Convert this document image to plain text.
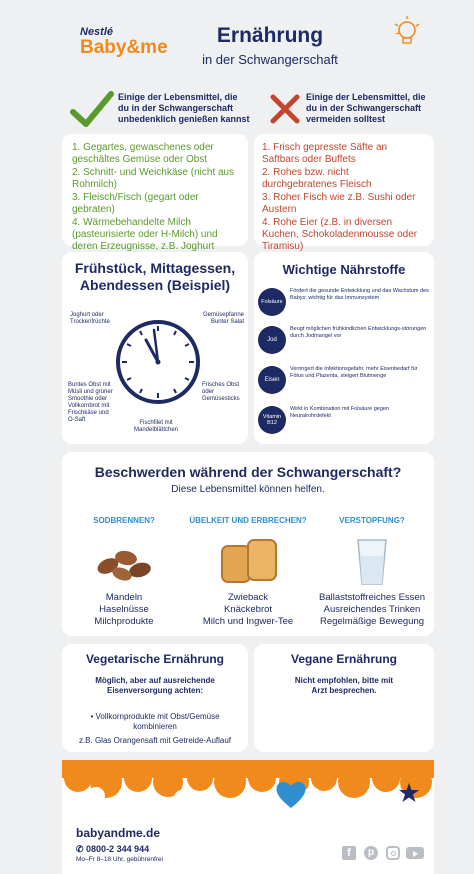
Nestlé
Baby&me
Ernährung
in der Schwangerschaft
Einige der Lebensmittel, die du in der Schwangerschaft unbedenklich genießen kannst
Einige der Lebensmittel, die du in der Schwangerschaft vermeiden solltest
1. Gegartes, gewaschenes oder geschältes Gemüse oder Obst
2. Schnitt- und Weichkäse (nicht aus Rohmilch)
3. Fleisch/Fisch (gegart oder gebraten)
4. Wärmebehandelte Milch (pasteurisierte oder H-Milch) und deren Erzeugnisse, z.B. Joghurt
1. Frisch gepresste Säfte an Saftbars oder Buffets
2. Rohes bzw. nicht durchgebratenes Fleisch
3. Roher Fisch wie z.B. Sushi oder Austern
4. Rohe Eier (z.B. in diversen Kuchen, Schokoladenmousse oder Tiramisu)
Frühstück, Mittagessen, Abendessen (Beispiel)
Joghurt oder Trockenfrüchte
Gemüsepfanne Bunter Salat
Buntes Obst mit Müsli und grüner Smoothie oder Vollkornbrot mit Frischkäse und O-Saft
Frisches Obst oder Gemüsesticks
Fischfilet mit Mandelblättchen
Wichtige Nährstoffe
Folsäure
Fördert die gesunde Entwicklung und das Wachstum des Babys; wichtig für das Immunsystem
Jod
Beugt möglichen frühkindlichen Entwicklungs-störungen durch Jodmangel vor
Eisen
Verringert die Infektionsgefahr, mehr Eisenbedarf für Fötus und Plazenta, steigert Blutmenge
Vitamin B12
Wirkt in Kombination mit Folsäure gegen Neuralrohrdefekt
Beschwerden während der Schwangerschaft?
Diese Lebensmittel können helfen.
SODBRENNEN?	ÜBELKEIT UND ERBRECHEN?	VERSTOPFUNG?
Mandeln
Haselnüsse
Milchprodukte
Zwieback
Knäckebrot
Milch und Ingwer-Tee
Ballaststoffreiches Essen
Ausreichendes Trinken
Regelmäßige Bewegung
Vegetarische Ernährung
Möglich, aber auf ausreichende Eisenversorgung achten:
• Vollkornprodukte mit Obst/Gemüse kombinieren
z.B. Glas Orangensaft mit Getreide-Auflauf
Vegane Ernährung
Nicht empfohlen, bitte mit Arzt besprechen.
babyandme.de
✆ 0800-2 344 944
Mo–Fr 8–18 Uhr, gebührenfrei
f	p
